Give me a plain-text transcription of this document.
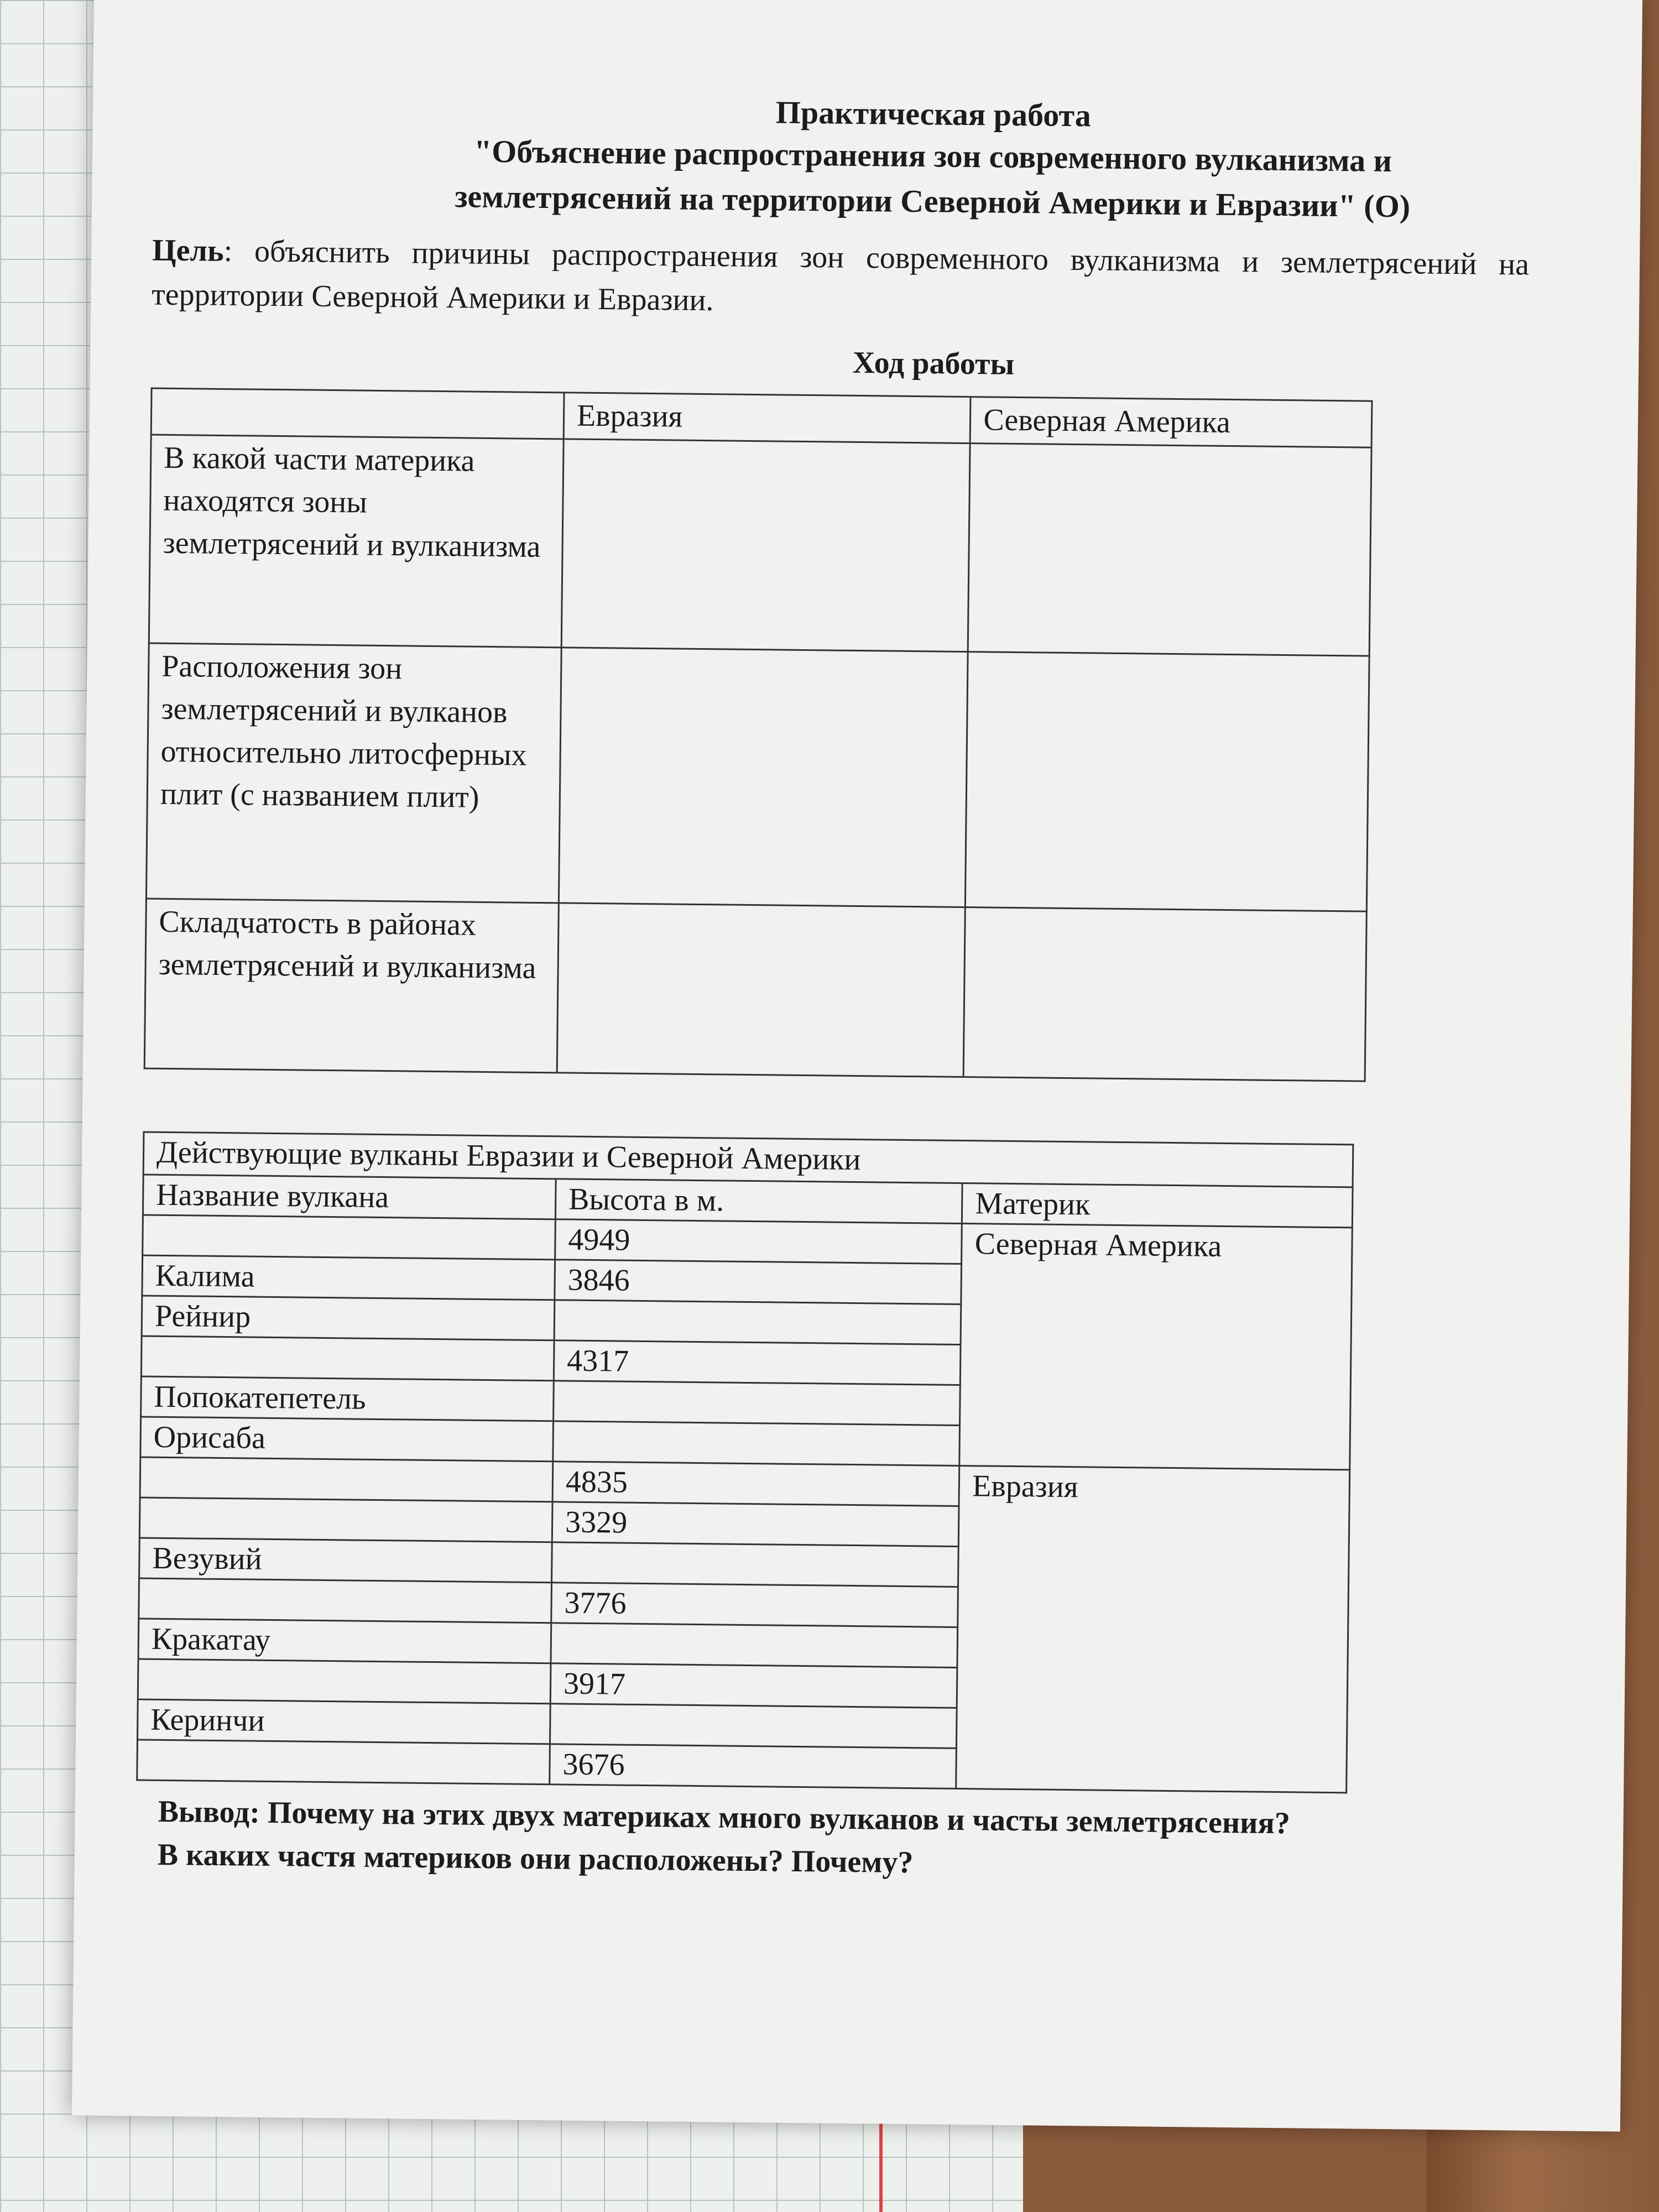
Практическая работа
"Объяснение распространения зон современного вулканизма и
землетрясений на территории Северной Америки и Евразии" (О)
Цель: объяснить причины распространения зон современного вулканизма и землетрясений на территории Северной Америки и Евразии.
Ход работы
	Евразия	Северная Америка
В какой части материка находятся зоны землетрясений и вулканизма		
Расположения зон землетрясений и вулканов относительно литосферных плит (с названием плит)		
Складчатость в районах землетрясений и вулканизма		
Действующие вулканы Евразии и Северной Америки		
Название вулкана	Высота в м.	Материк
	4949	Северная Америка
Калима	3846	
Рейнир		
	4317	
Попокатепетель		
Орисаба		
	4835	Евразия
	3329	
Везувий		
	3776	
Кракатау		
	3917	
Керинчи		
	3676	
Вывод: Почему на этих двух материках много вулканов и часты землетрясения?
В каких частя материков они расположены? Почему?
